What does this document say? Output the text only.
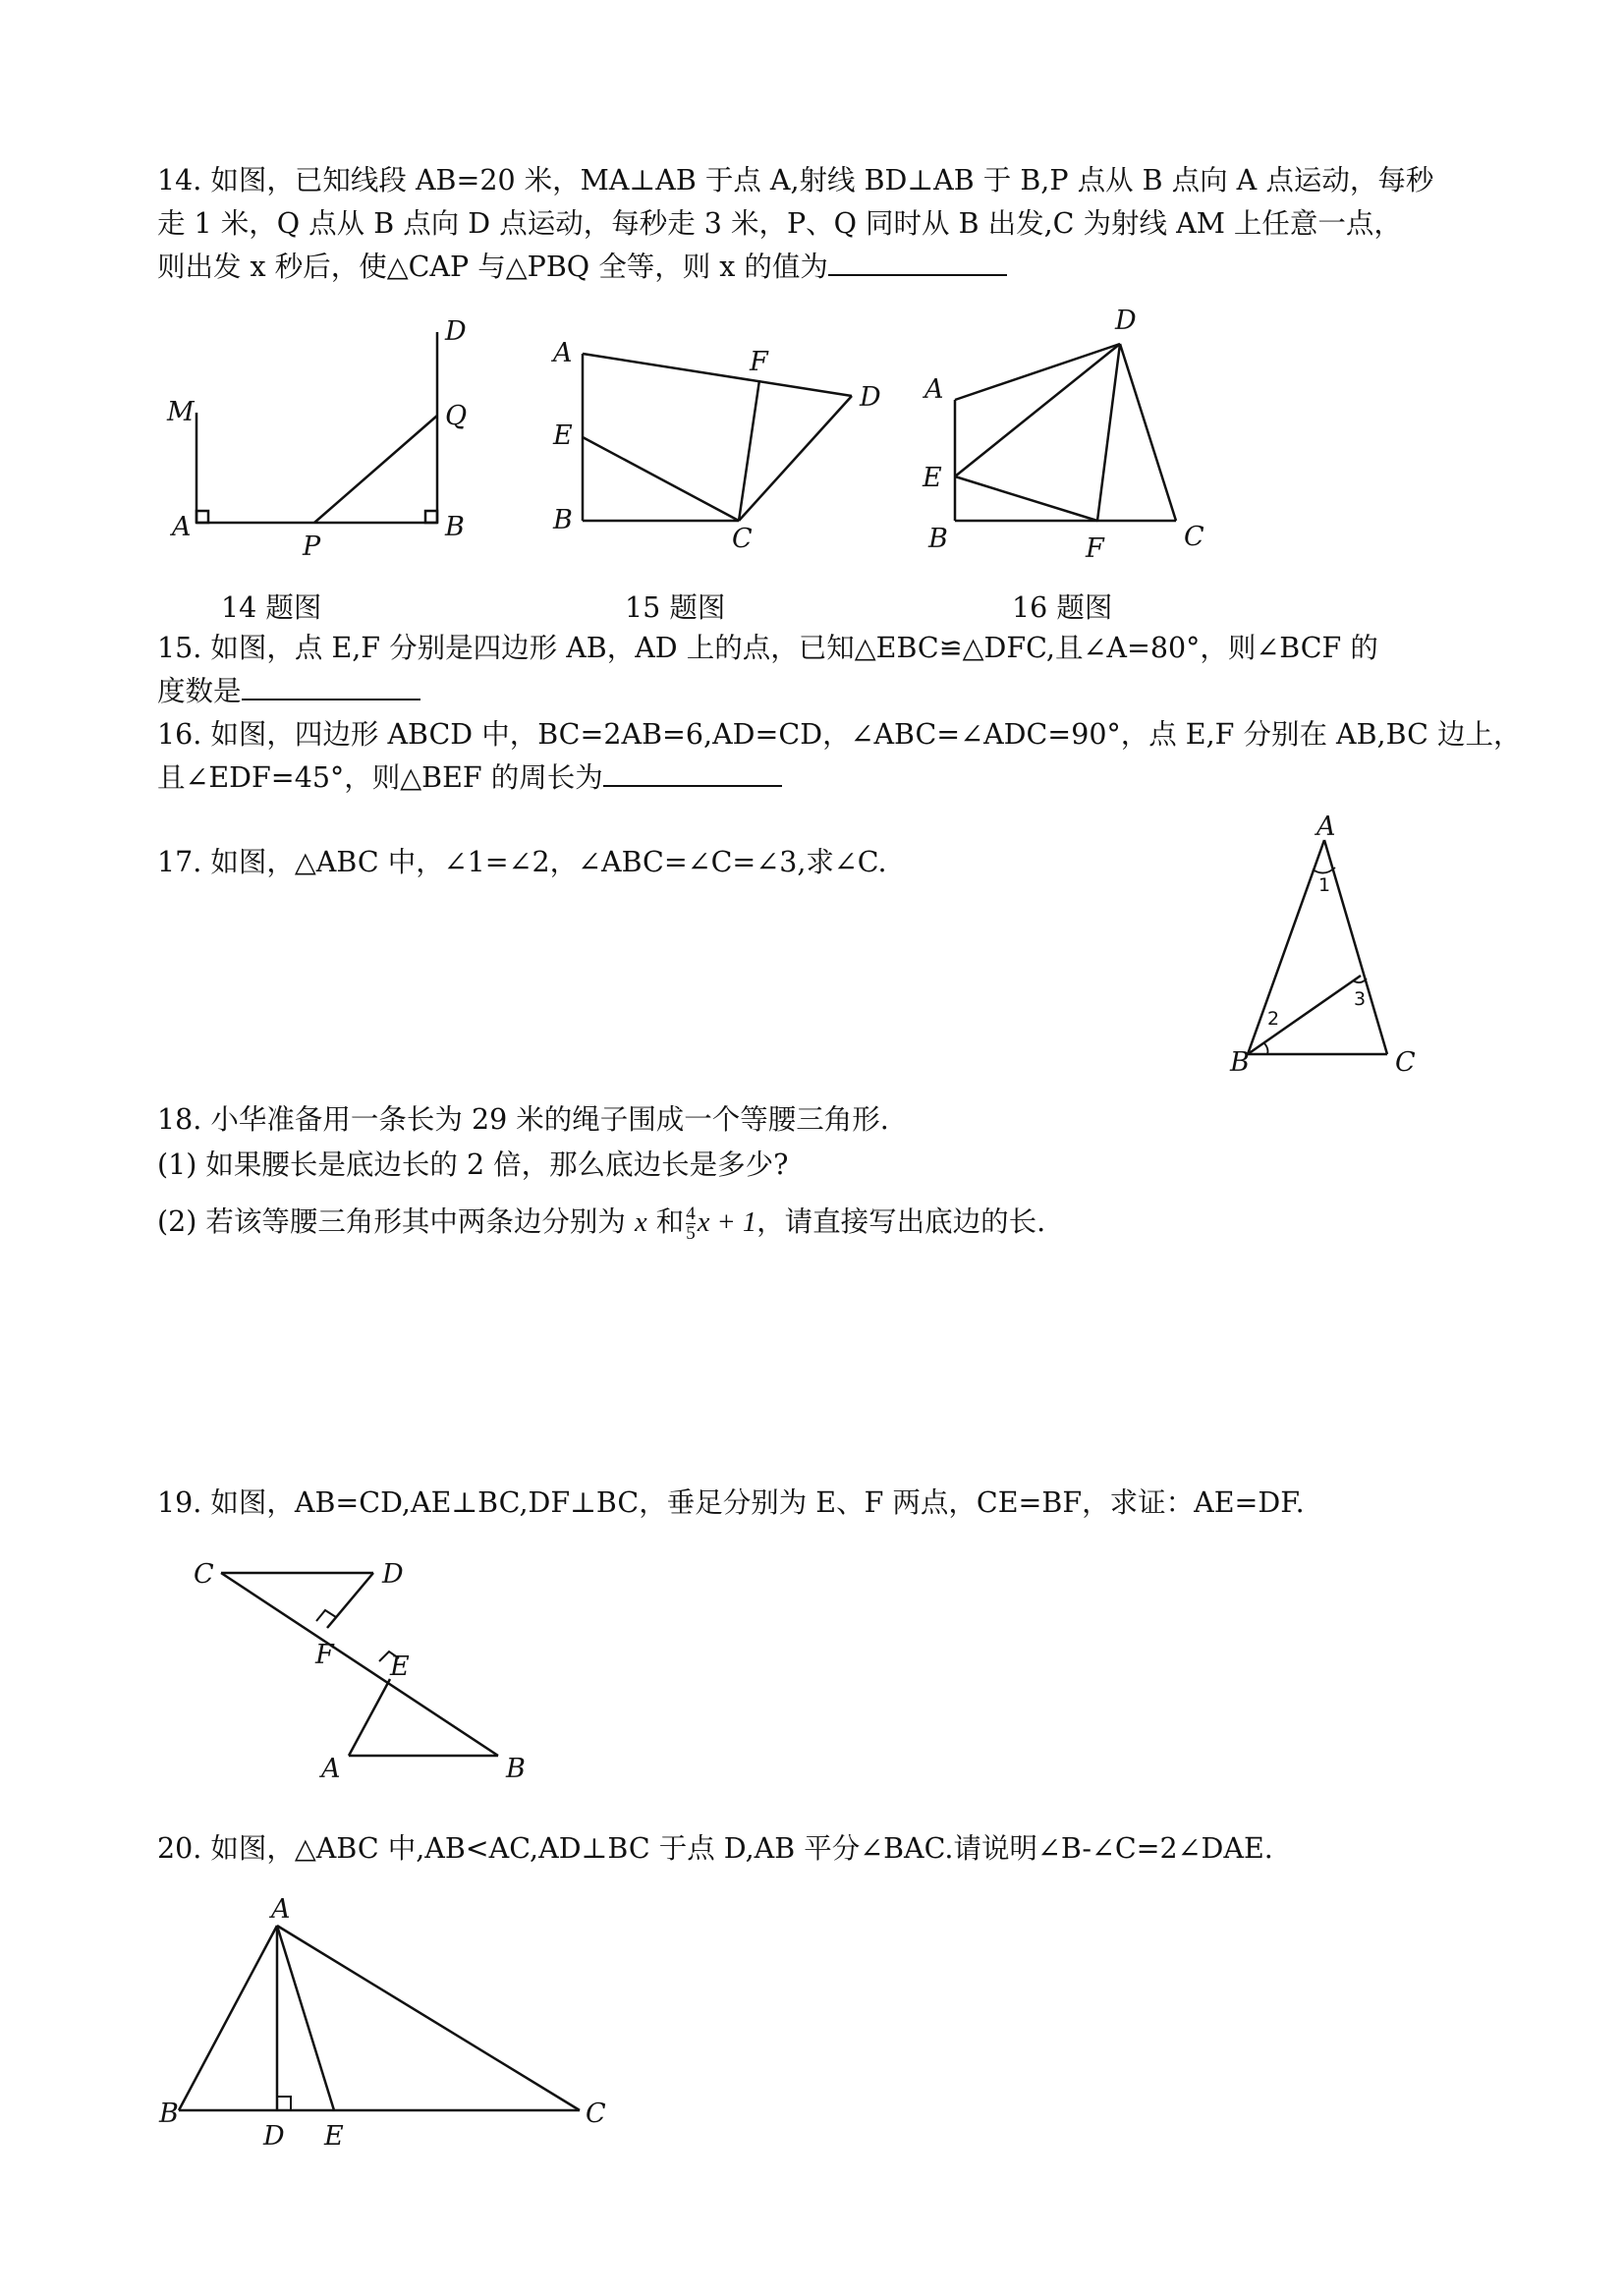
14. 如图，已知线段 AB=20 米，MA⊥AB 于点 A,射线 BD⊥AB 于 B,P 点从 B 点向 A 点运动，每秒
走 1 米，Q 点从 B 点向 D 点运动，每秒走 3 米，P、Q 同时从 B 出发,C 为射线 AM 上任意一点，
则出发 x 秒后，使△CAP 与△PBQ 全等，则 x 的值为
M
A
P
B
Q
D
A	F
D
E
B
C
D
A
E
B	F	C
14 题图	15 题图	16 题图
15. 如图，点 E,F 分别是四边形 AB，AD 上的点，已知△EBC≌△DFC,且∠A=80°，则∠BCF 的
度数是
16. 如图，四边形 ABCD 中，BC=2AB=6,AD=CD，∠ABC=∠ADC=90°，点 E,F 分别在 AB,BC 边上，
且∠EDF=45°，则△BEF 的周长为
17. 如图，△ABC 中，∠1=∠2，∠ABC=∠C=∠3,求∠C.
A
B	C
1
2
3
18. 小华准备用一条长为 29 米的绳子围成一个等腰三角形.
(1) 如果腰长是底边长的 2 倍，那么底边长是多少?
(2) 若该等腰三角形其中两条边分别为 x 和 $\frac{4}{5}$ x + 1，请直接写出底边的长.
19. 如图，AB=CD,AE⊥BC,DF⊥BC，垂足分别为 E、F 两点，CE=BF，求证：AE=DF.
C	D
F E
A	B
20. 如图，△ABC 中,AB<AC,AD⊥BC 于点 D,AB 平分∠BAC.请说明∠B-∠C=2∠DAE.
A
B
D E
C
